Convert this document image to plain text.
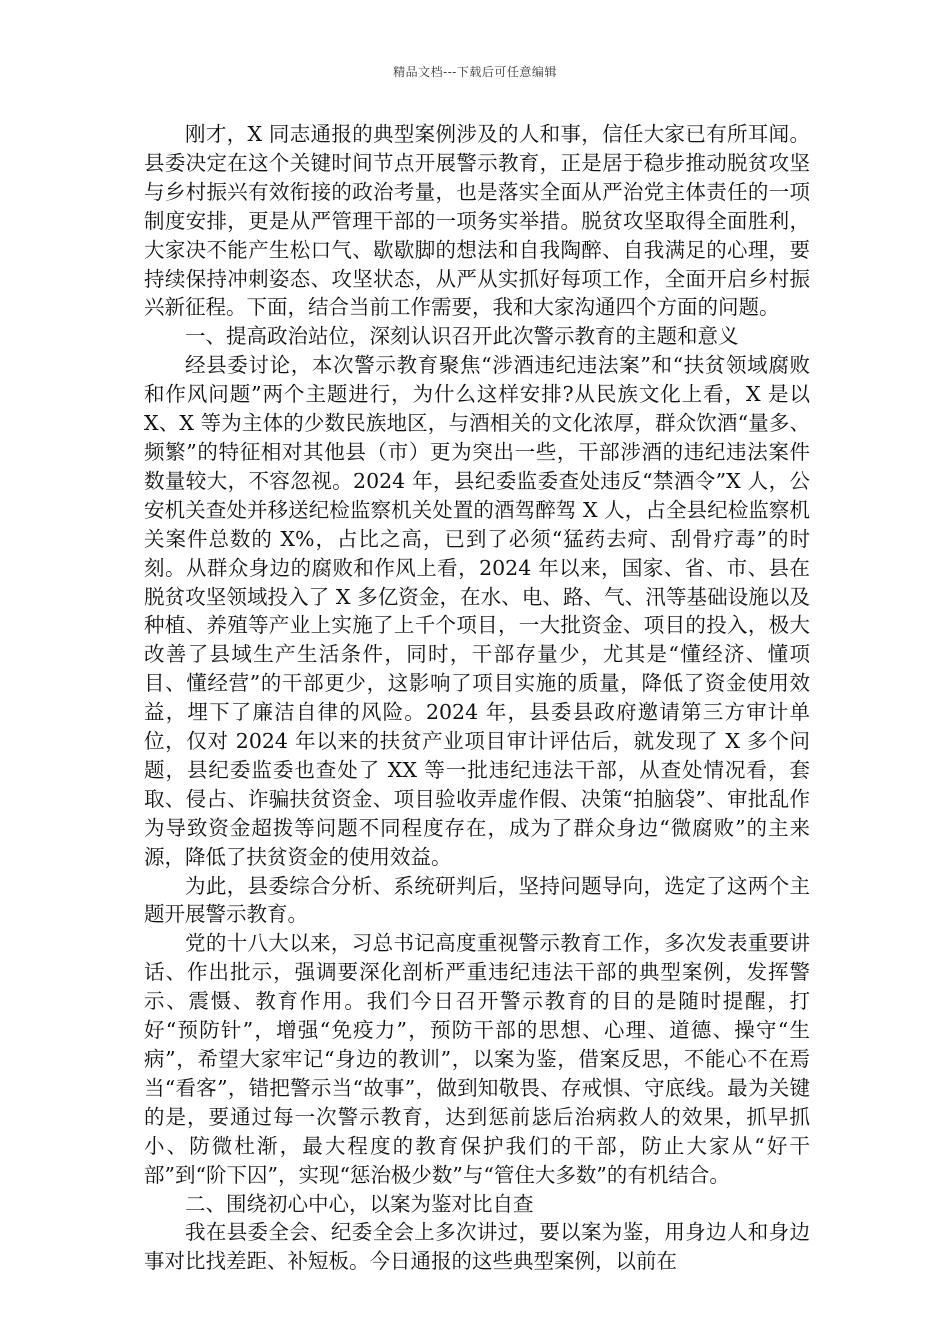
精品文档---下载后可任意编辑

刚才，X 同志通报的典型案例涉及的人和事，信任大家已有所耳闻。县委决定在这个关键时间节点开展警示教育，正是居于稳步推动脱贫攻坚与乡村振兴有效衔接的政治考量，也是落实全面从严治党主体责任的一项制度安排，更是从严管理干部的一项务实举措。脱贫攻坚取得全面胜利，大家决不能产生松口气、歇歇脚的想法和自我陶醉、自我满足的心理，要持续保持冲刺姿态、攻坚状态，从严从实抓好每项工作，全面开启乡村振兴新征程。下面，结合当前工作需要，我和大家沟通四个方面的问题。

一、提高政治站位，深刻认识召开此次警示教育的主题和意义

经县委讨论，本次警示教育聚焦“涉酒违纪违法案”和“扶贫领域腐败和作风问题”两个主题进行，为什么这样安排?从民族文化上看，X 是以 X、X 等为主体的少数民族地区，与酒相关的文化浓厚，群众饮酒“量多、频繁”的特征相对其他县（市）更为突出一些，干部涉酒的违纪违法案件数量较大，不容忽视。2024 年，县纪委监委查处违反“禁酒令”X 人，公安机关查处并移送纪检监察机关处置的酒驾醉驾 X 人，占全县纪检监察机关案件总数的 X%，占比之高，已到了必须“猛药去疴、刮骨疗毒”的时刻。从群众身边的腐败和作风上看，2024 年以来，国家、省、市、县在脱贫攻坚领域投入了 X 多亿资金，在水、电、路、气、汛等基础设施以及种植、养殖等产业上实施了上千个项目，一大批资金、项目的投入，极大改善了县域生产生活条件，同时，干部存量少，尤其是“懂经济、懂项目、懂经营”的干部更少，这影响了项目实施的质量，降低了资金使用效益，埋下了廉洁自律的风险。2024 年，县委县政府邀请第三方审计单位，仅对 2024 年以来的扶贫产业项目审计评估后，就发现了 X 多个问题，县纪委监委也查处了 XX 等一批违纪违法干部，从查处情况看，套取、侵占、诈骗扶贫资金、项目验收弄虚作假、决策“拍脑袋”、审批乱作为导致资金超拨等问题不同程度存在，成为了群众身边“微腐败”的主来源，降低了扶贫资金的使用效益。

为此，县委综合分析、系统研判后，坚持问题导向，选定了这两个主题开展警示教育。

党的十八大以来，习总书记高度重视警示教育工作，多次发表重要讲话、作出批示，强调要深化剖析严重违纪违法干部的典型案例，发挥警示、震慑、教育作用。我们今日召开警示教育的目的是随时提醒，打好“预防针”，增强“免疫力”，预防干部的思想、心理、道德、操守“生病”，希望大家牢记“身边的教训”，以案为鉴，借案反思，不能心不在焉当“看客”，错把警示当“故事”，做到知敬畏、存戒惧、守底线。最为关键的是，要通过每一次警示教育，达到惩前毖后治病救人的效果，抓早抓小、防微杜渐，最大程度的教育保护我们的干部，防止大家从“好干部”到“阶下囚”，实现“惩治极少数”与“管住大多数”的有机结合。

二、围绕初心中心，以案为鉴对比自查

我在县委全会、纪委全会上多次讲过，要以案为鉴，用身边人和身边事对比找差距、补短板。今日通报的这些典型案例，以前在
